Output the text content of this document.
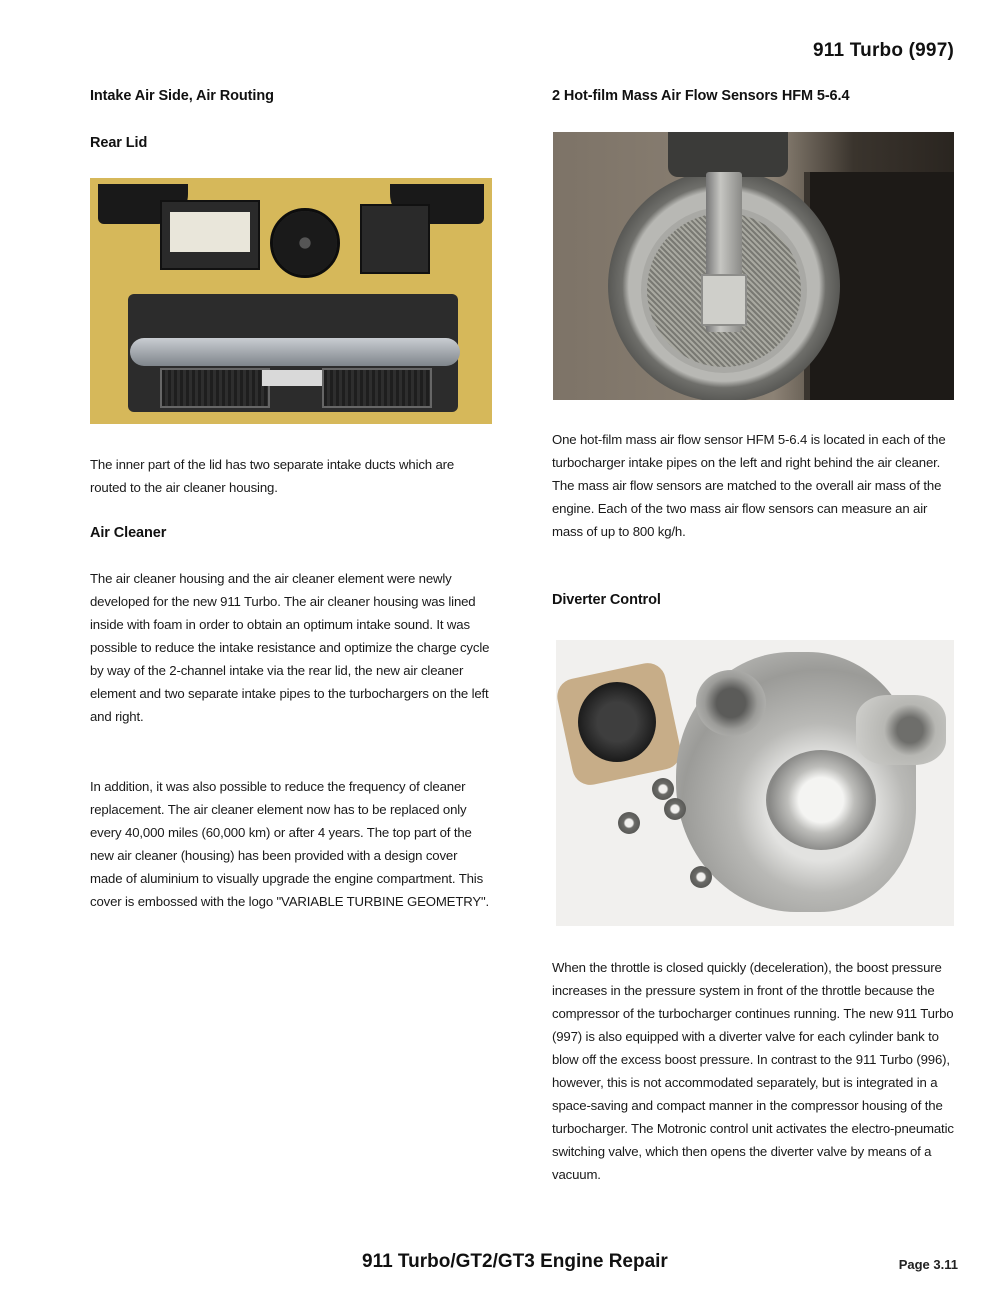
911 Turbo (997)
Intake Air Side, Air Routing
Rear Lid
The inner part of the lid has two separate intake ducts which are routed to the air cleaner housing.
Air Cleaner
The air cleaner housing and the air cleaner element were newly developed for the new 911 Turbo. The air cleaner housing was lined inside with foam in order to obtain an optimum intake sound. It was possible to reduce the intake resistance and optimize the charge cycle by way of the 2-channel intake via the rear lid, the new air cleaner element and two separate intake pipes to the turbochargers on the left and right.
In addition, it was also possible to reduce the frequency of cleaner replacement. The air cleaner element now has to be replaced only every 40,000 miles (60,000 km) or after 4 years. The top part of the new air cleaner (housing) has been provided with a design cover made of aluminium to visually upgrade the engine compartment. This cover is embossed with the logo "VARIABLE TURBINE GEOMETRY".
2 Hot-film Mass Air Flow Sensors HFM 5-6.4
One hot-film mass air flow sensor HFM 5-6.4 is located in each of the turbocharger intake pipes on the left and right behind the air cleaner. The mass air flow sensors are matched to the overall air mass of the engine. Each of the two mass air flow sensors can measure an air mass of up to 800 kg/h.
Diverter Control
When the throttle is closed quickly (deceleration), the boost pressure increases in the pressure system in front of the throttle because the compressor of the turbocharger continues running. The new 911 Turbo (997) is also equipped with a diverter valve for each cylinder bank to blow off the excess boost pressure. In contrast to the 911 Turbo (996), however, this is not accommodated separately, but is integrated in a space-saving and compact manner in the compressor housing of the turbocharger. The Motronic control unit activates the electro-pneumatic switching valve, which then opens the diverter valve by means of a vacuum.
911 Turbo/GT2/GT3 Engine Repair	Page 3.11
